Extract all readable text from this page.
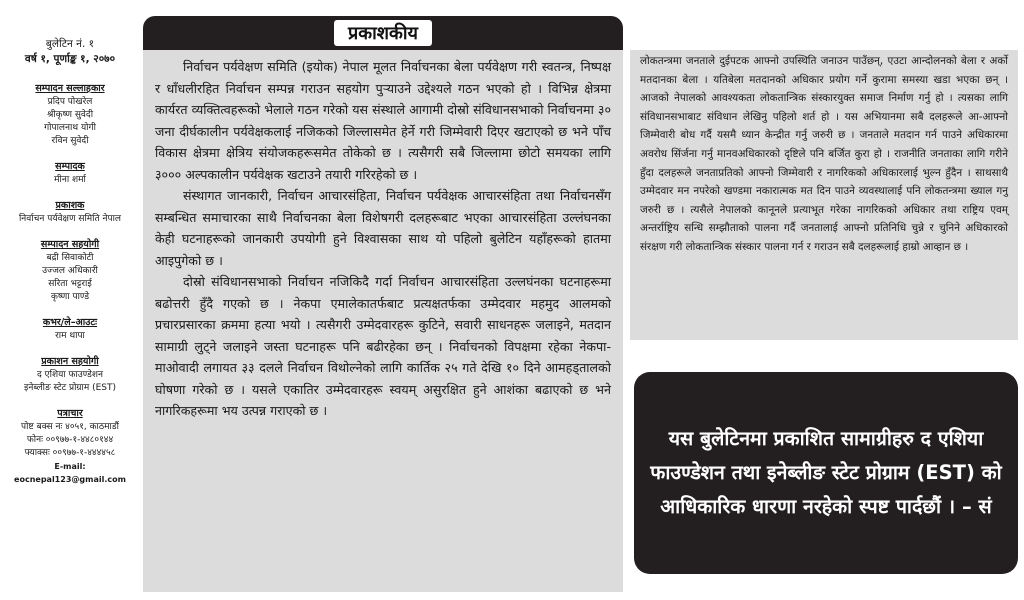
बुलेटिन नं. १
वर्ष १, पूर्णाङ्क १, २०७०
सम्पादन सल्लाहकार
प्रदिप पोखरेल
श्रीकृष्ण सुवेदी
गोपालनाथ योगी
रविन सुवेदी
सम्पादक
मीना शर्मा
प्रकाशक
निर्वाचन पर्यवेक्षण समिति नेपाल
सम्पादन सहयोगी
बद्री सिवाकोटी
उज्जल अधिकारी
सरिता भट्टराई
कृष्णा पाण्डे
कभर/ले–आउटः
राम थापा
प्रकाशन सहयोगी
द एशिया फाउण्डेशन
इनेब्लीङ स्टेट प्रोग्राम (EST)
पत्राचार
पोष्ट बक्स नः ४०५१, काठमाडौं
फोनः ००९७७-१-४४८०१४४
फ्याक्सः ००९७७-१-४४४४५८
E-mail: eocnepal123@gmail.com
प्रकाशकीय

निर्वाचन पर्यवेक्षण समिति (इयोक) नेपाल मूलत निर्वाचनका बेला पर्यवेक्षण गरी स्वतन्त्र, निष्पक्ष र धाँधलीरहित निर्वाचन सम्पन्न गराउन सहयोग पुऱ्याउने उद्देश्यले गठन भएको हो । विभिन्न क्षेत्रमा कार्यरत व्यक्तित्वहरूको भेलाले गठन गरेको यस संस्थाले आगामी दोस्रो संविधानसभाको निर्वाचनमा ३० जना दीर्घकालीन पर्यवेक्षकलाई नजिकको जिल्लासमेत हेर्ने गरी जिम्मेवारी दिएर खटाएको छ भने पाँच विकास क्षेत्रमा क्षेत्रिय संयोजकहरूसमेत तोकेको छ । त्यसैगरी सबै जिल्लामा छोटो समयका लागि ३००० अल्पकालीन पर्यवेक्षक खटाउने तयारी गरिरहेको छ ।

संस्थागत जानकारी, निर्वाचन आचारसंहिता, निर्वाचन पर्यवेक्षक आचारसंहिता तथा निर्वाचनसँग सम्बन्धित समाचारका साथै निर्वाचनका बेला विशेषगरी दलहरूबाट भएका आचारसंहिता उल्लंघनका केही घटनाहरूको जानकारी उपयोगी हुने विश्वासका साथ यो पहिलो बुलेटिन यहाँहरूको हातमा आइपुगेको छ ।

दोस्रो संविधानसभाको निर्वाचन नजिकिदै गर्दा निर्वाचन आचारसंहिता उल्लघंनका घटनाहरूमा बढोत्तरी हुँदै गएको छ । नेकपा एमालेकातर्फबाट प्रत्यक्षतर्फका उम्मेदवार महमुद आलमको प्रचारप्रसारका क्रममा हत्या भयो । त्यसैगरी उम्मेदवारहरू कुटिने, सवारी साधनहरू जलाइने, मतदान सामाग्री लुट्ने जलाइने जस्ता घटनाहरू पनि बढीरहेका छन् । निर्वाचनको विपक्षमा रहेका नेकपा-माओवादी लगायत ३३ दलले निर्वाचन विथोल्नेको लागि कार्तिक २५ गते देखि १० दिने आमहड्तालको घोषणा गरेको छ । यसले एकातिर उम्मेदवारहरू स्वयम् असुरक्षित हुने आशंका बढाएको छ भने नागरिकहरूमा भय उत्पन्न गराएको छ ।

लोकतन्त्रमा जनताले दुईपटक आफ्नो उपस्थिति जनाउन पाउँछन्, एउटा आन्दोलनको बेला र अर्को मतदानका बेला । यतिबेला मतदानको अधिकार प्रयोग गर्ने कुरामा समस्या खडा भएका छन् । आजको नेपालको आवश्यकता लोकतान्त्रिक संस्कारयुक्त समाज निर्माण गर्नु हो । त्यसका लागि संविधानसभाबाट संविधान लेखिनु पहिलो शर्त हो । यस अभियानमा सबै दलहरूले आ-आफ्नो जिम्मेवारी बोध गर्दै यसमै ध्यान केन्द्रीत गर्नु जरुरी छ । जनताले मतदान गर्न पाउने अधिकारमा अवरोध सिंर्जना गर्नु मानवअधिकारको दृष्टिले पनि बर्जित कुरा हो । राजनीति जनताका लागि गरीने हुँदा दलहरूले जनताप्रतिको आफ्नो जिम्मेवारी र नागरिकको अधिकारलाई भुल्न हुँदैन । साथसाथै उम्मेदवार मन नपरेको खण्डमा नकारात्मक मत दिन पाउने व्यवस्थालाई पनि लोकतन्त्रमा ख्याल गनु जरुरी छ । त्यसैले नेपालको कानूनले प्रत्याभूत गरेका नागरिकको अधिकार तथा राष्ट्रिय एवम् अन्तर्राष्ट्रिय सन्धि सम्झौताको पालना गर्दै जनतालाई आफ्नो प्रतिनिधि चुन्ने र चुनिने अधिकारको संरक्षण गरी लोकतान्त्रिक संस्कार पालना गर्न र गराउन सबै दलहरूलाई हाम्रो आव्हान छ ।
यस बुलेटिनमा प्रकाशित सामाग्रीहरु द एशिया फाउण्डेशन तथा इनेब्लीङ स्टेट प्रोग्राम (EST) को आधिकारिक धारणा नरहेको स्पष्ट पार्दछौं । – सं
